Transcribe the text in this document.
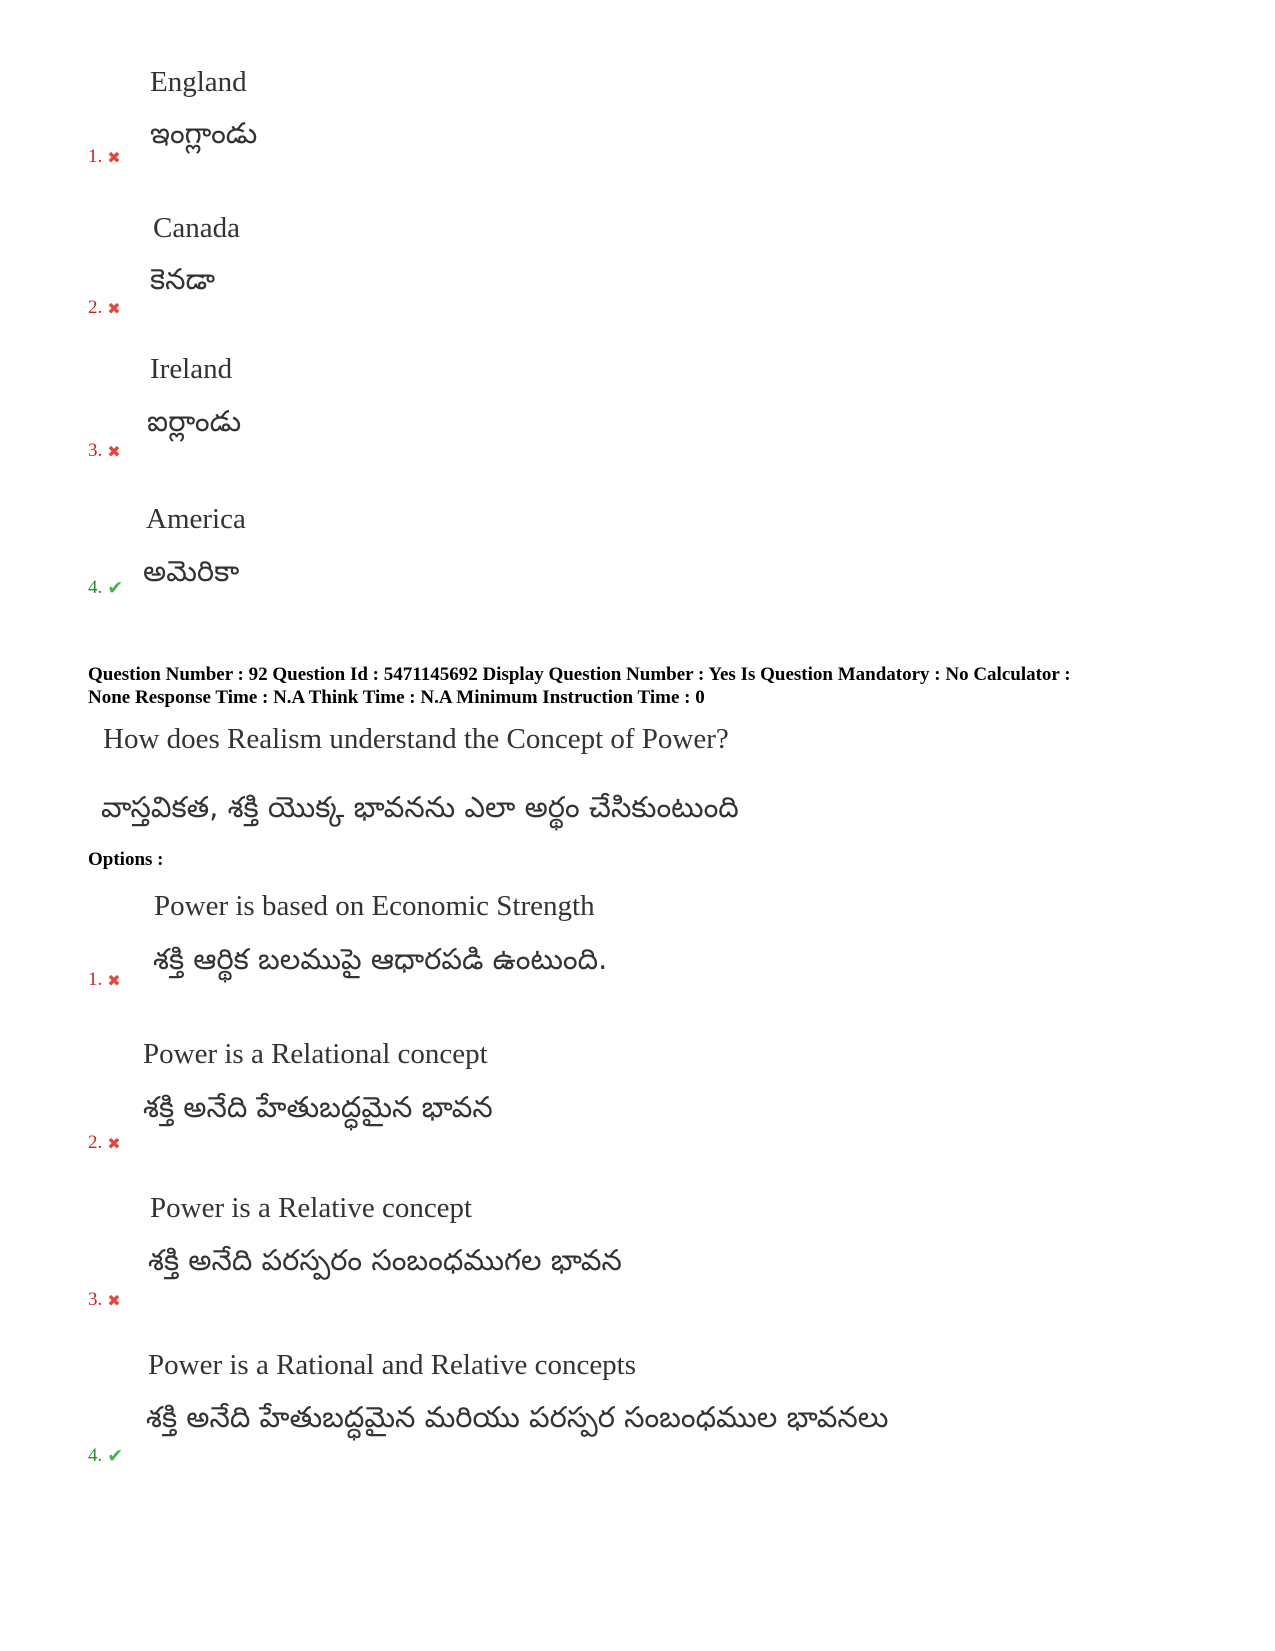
England
ఇంగ్లాండు
1. ✖
Canada
కెనడా
2. ✖
Ireland
ఐర్లాండు
3. ✖
America
అమెరికా
4. ✔
Question Number : 92 Question Id : 5471145692 Display Question Number : Yes Is Question Mandatory : No Calculator :
None Response Time : N.A Think Time : N.A Minimum Instruction Time : 0
How does Realism understand the Concept of Power?
వాస్తవికత, శక్తి యొక్క భావనను ఎలా అర్థం చేసికుంటుంది
Options :
Power is based on Economic Strength
శక్తి ఆర్థిక బలముపై ఆధారపడి ఉంటుంది.
1. ✖
Power is a Relational concept
శక్తి అనేది హేతుబద్ధమైన భావన
2. ✖
Power is a Relative concept
శక్తి అనేది పరస్పరం సంబంధముగల భావన
3. ✖
Power is a Rational and Relative concepts
శక్తి అనేది హేతుబద్ధమైన మరియు పరస్పర సంబంధముల భావనలు
4. ✔
